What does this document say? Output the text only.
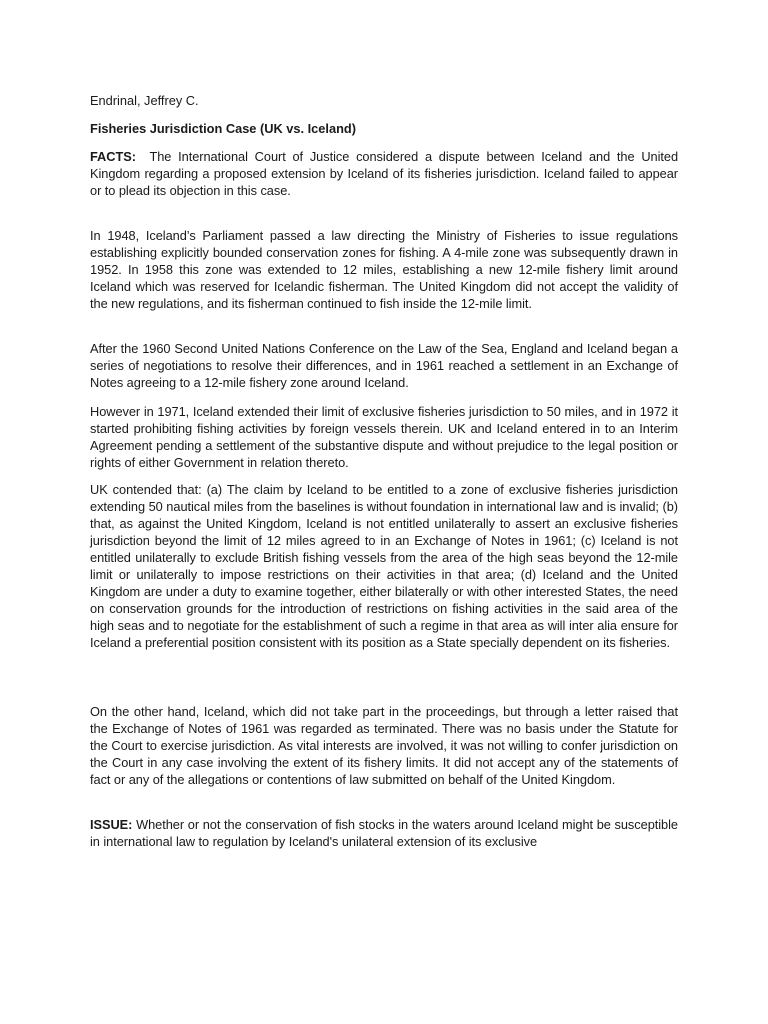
Endrinal, Jeffrey C.
Fisheries Jurisdiction Case (UK vs. Iceland)

FACTS: The International Court of Justice considered a dispute between Iceland and the United Kingdom regarding a proposed extension by Iceland of its fisheries jurisdiction. Iceland failed to appear or to plead its objection in this case.

In 1948, Iceland’s Parliament passed a law directing the Ministry of Fisheries to issue regulations establishing explicitly bounded conservation zones for fishing. A 4-mile zone was subsequently drawn in 1952. In 1958 this zone was extended to 12 miles, establishing a new 12-mile fishery limit around Iceland which was reserved for Icelandic fisherman. The United Kingdom did not accept the validity of the new regulations, and its fisherman continued to fish inside the 12-mile limit.

After the 1960 Second United Nations Conference on the Law of the Sea, England and Iceland began a series of negotiations to resolve their differences, and in 1961 reached a settlement in an Exchange of Notes agreeing to a 12-mile fishery zone around Iceland.

However in 1971, Iceland extended their limit of exclusive fisheries jurisdiction to 50 miles, and in 1972 it started prohibiting fishing activities by foreign vessels therein. UK and Iceland entered in to an Interim Agreement pending a settlement of the substantive dispute and without prejudice to the legal position or rights of either Government in relation thereto.

UK contended that: (a) The claim by Iceland to be entitled to a zone of exclusive fisheries jurisdiction extending 50 nautical miles from the baselines is without foundation in international law and is invalid; (b) that, as against the United Kingdom, Iceland is not entitled unilaterally to assert an exclusive fisheries jurisdiction beyond the limit of 12 miles agreed to in an Exchange of Notes in 1961; (c) Iceland is not entitled unilaterally to exclude British fishing vessels from the area of the high seas beyond the 12-mile limit or unilaterally to impose restrictions on their activities in that area; (d) Iceland and the United Kingdom are under a duty to examine together, either bilaterally or with other interested States, the need on conservation grounds for the introduction of restrictions on fishing activities in the said area of the high seas and to negotiate for the establishment of such a regime in that area as will inter alia ensure for Iceland a preferential position consistent with its position as a State specially dependent on its fisheries.

On the other hand, Iceland, which did not take part in the proceedings, but through a letter raised that the Exchange of Notes of 1961 was regarded as terminated. There was no basis under the Statute for the Court to exercise jurisdiction. As vital interests are involved, it was not willing to confer jurisdiction on the Court in any case involving the extent of its fishery limits. It did not accept any of the statements of fact or any of the allegations or contentions of law submitted on behalf of the United Kingdom.

ISSUE: Whether or not the conservation of fish stocks in the waters around Iceland might be susceptible in international law to regulation by Iceland's unilateral extension of its exclusive
